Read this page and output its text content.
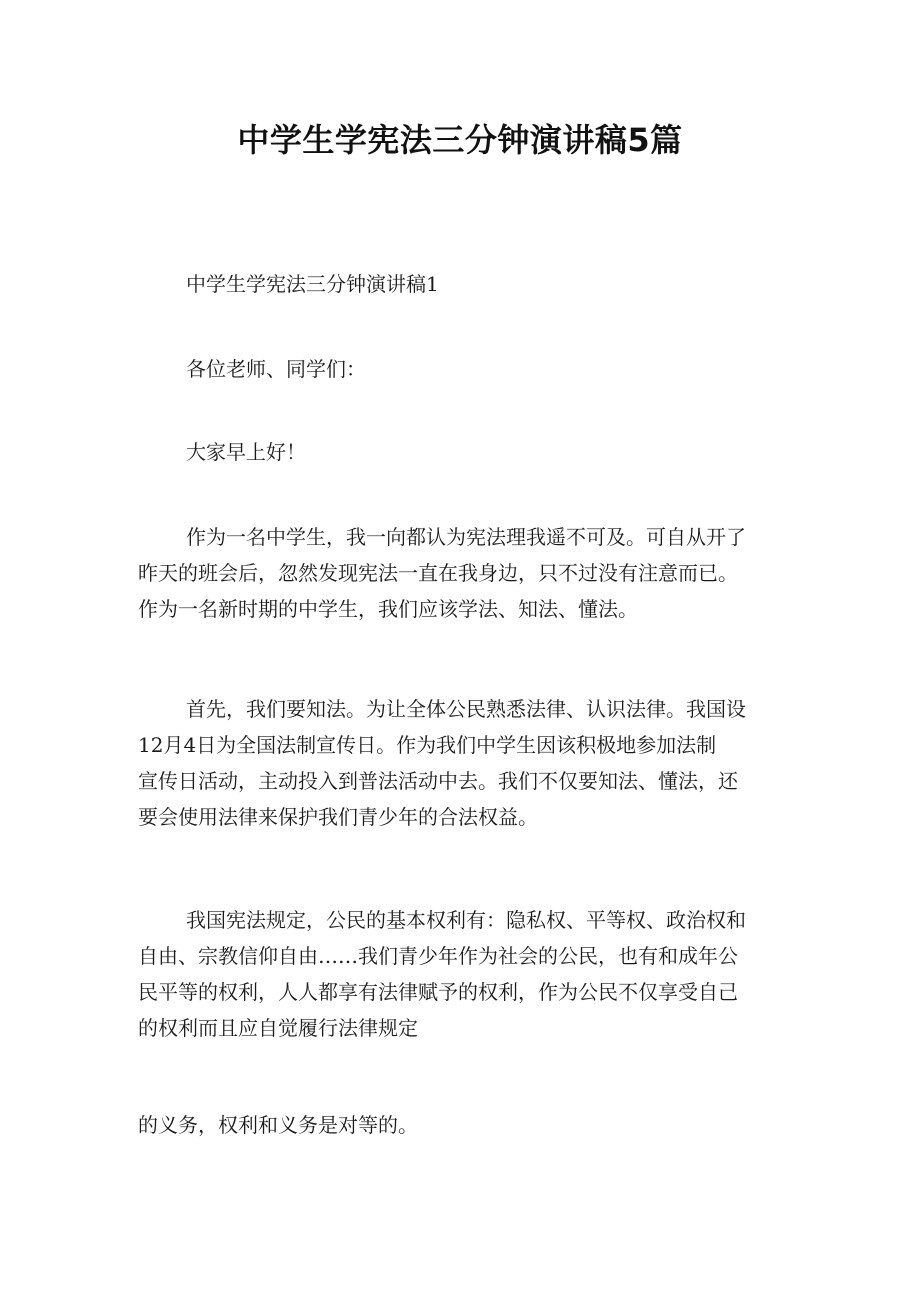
中学生学宪法三分钟演讲稿5篇
中学生学宪法三分钟演讲稿1
各位老师、同学们：
大家早上好！
作为一名中学生，我一向都认为宪法理我遥不可及。可自从开了
昨天的班会后，忽然发现宪法一直在我身边，只不过没有注意而已。
作为一名新时期的中学生，我们应该学法、知法、懂法。
首先，我们要知法。为让全体公民熟悉法律、认识法律。我国设
12月4日为全国法制宣传日。作为我们中学生因该积极地参加法制
宣传日活动，主动投入到普法活动中去。我们不仅要知法、懂法，还
要会使用法律来保护我们青少年的合法权益。
我国宪法规定，公民的基本权利有：隐私权、平等权、政治权和
自由、宗教信仰自由……我们青少年作为社会的公民，也有和成年公
民平等的权利，人人都享有法律赋予的权利，作为公民不仅享受自己
的权利而且应自觉履行法律规定
的义务，权利和义务是对等的。
